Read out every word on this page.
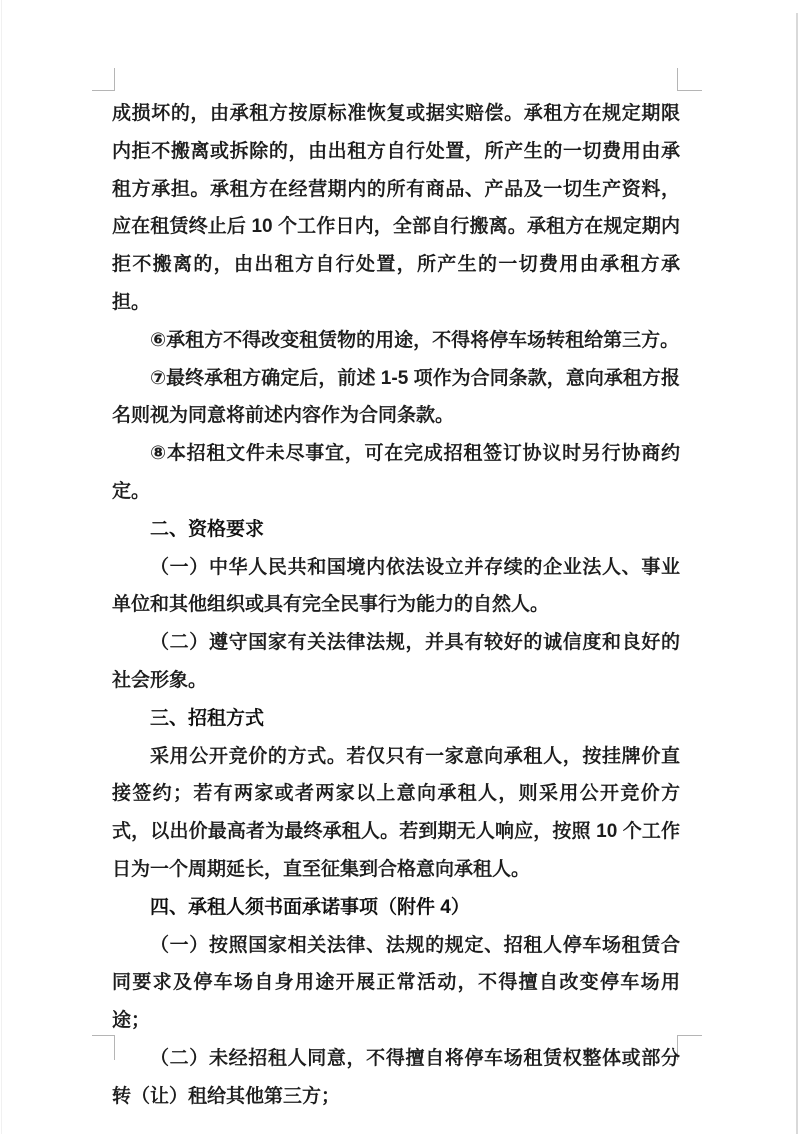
成损坏的，由承租方按原标准恢复或据实赔偿。承租方在规定期限内拒不搬离或拆除的，由出租方自行处置，所产生的一切费用由承租方承担。承租方在经营期内的所有商品、产品及一切生产资料，应在租赁终止后 10 个工作日内，全部自行搬离。承租方在规定期内拒不搬离的，由出租方自行处置，所产生的一切费用由承租方承担。

⑥承租方不得改变租赁物的用途，不得将停车场转租给第三方。

⑦最终承租方确定后，前述 1-5 项作为合同条款，意向承租方报名则视为同意将前述内容作为合同条款。

⑧本招租文件未尽事宜，可在完成招租签订协议时另行协商约定。

二、资格要求

（一）中华人民共和国境内依法设立并存续的企业法人、事业单位和其他组织或具有完全民事行为能力的自然人。

（二）遵守国家有关法律法规，并具有较好的诚信度和良好的社会形象。

三、招租方式

采用公开竞价的方式。若仅只有一家意向承租人，按挂牌价直接签约；若有两家或者两家以上意向承租人，则采用公开竞价方式，以出价最高者为最终承租人。若到期无人响应，按照 10 个工作日为一个周期延长，直至征集到合格意向承租人。

四、承租人须书面承诺事项（附件 4）

（一）按照国家相关法律、法规的规定、招租人停车场租赁合同要求及停车场自身用途开展正常活动，不得擅自改变停车场用途；

（二）未经招租人同意，不得擅自将停车场租赁权整体或部分转（让）租给其他第三方；
